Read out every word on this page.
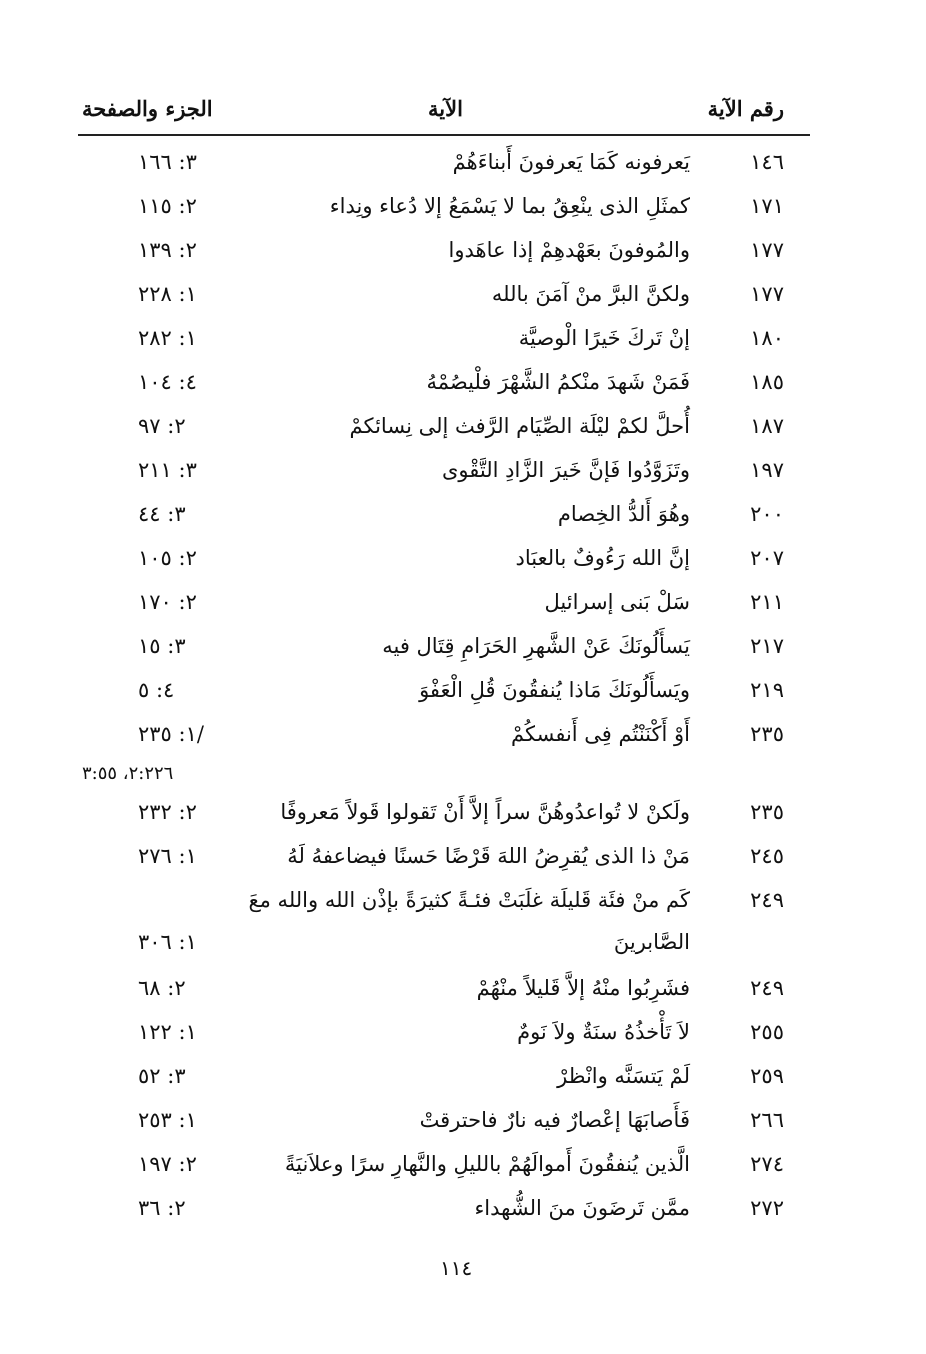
رقم الآية
الآية
الجزء والصفحة
١٤٦
يَعرفونه كَمَا يَعرفونَ أَبناءَهُمْ
٣: ١٦٦
١٧١
كمثَلِ الذى ينْعِقُ بما لا يَسْمَعُ إلا دُعاء ونِداء
٢: ١١٥
١٧٧
والمُوفونَ بعَهْدهِمْ إذا عاهَدوا
٢: ١٣٩
١٧٧
ولكنَّ البرَّ منْ آمَنَ بالله
١: ٢٢٨
١٨٠
إنْ تَركَ خَيرًا الْوصيَّة
١: ٢٨٢
١٨٥
فَمَنْ شَهدَ منْكمُ الشَّهْرَ فلْيصُمْهُ
٤: ١٠٤
١٨٧
أُحلَّ لكمْ ليْلَة الصِّيَام الرَّفث إلى نِسائكمْ
٢: ٩٧
١٩٧
وتَزَوَّدُوا فَإنَّ خَيرَ الزَّادِ التَّقْوى
٣: ٢١١
٢٠٠
وهُوَ أَلدُّ الخِصام
٣: ٤٤
٢٠٧
إنَّ الله رَءُوفٌ بالعبَاد
٢: ١٠٥
٢١١
سَلْ بَنى إسرائيل
٢: ١٧٠
٢١٧
يَسأَلُونَكَ عَنْ الشَّهرِ الحَرَامِ قِتَال فيه
٣: ١٥
٢١٩
ويَسأَلُونَكَ مَاذا يُنفقُونَ قُلِ الْعَفْوَ
٤: ٥
٢٣٥
أَوْ أَكْنَنْتُم فِى أَنفسكُمْ
١: ٢٣٥/
٢٣٥
ولَكنْ لا تُواعدُوهُنَّ سراً إلاَّ أَنْ تَقولوا قَولاً مَعروفًا
٢: ٢٣٢
٢٤٥
مَنْ ذا الذى يُقرِضُ اللهَ قَرْضًا حَسنًا فيضاعفهُ لَهُ
١: ٢٧٦
٢٤٩
كَم منْ فئَة قَليلَة غلَبَتْ فئـةً كثيرَةً بإذْن الله والله معَ
الصَّابرينَ
١: ٣٠٦
٢٤٩
فشَرِبُوا منْهُ إلاَّ قَليلاً منْهُمْ
٢: ٦٨
٢٥٥
لاَ تَأْخذُهُ سنَةٌ ولاَ نَومٌ
١: ١٢٢
٢٥٩
لَمْ يَتسَنَّه وانْظرْ
٣: ٥٢
٢٦٦
فَأَصابَهَا إعْصارٌ فيه نارٌ فاحترقتْ
١: ٢٥٣
٢٧٤
الَّذين يُنفقُونَ أَموالَهُمْ بالليلِ والنَّهارِ سرًا وعلاَنيَةً
٢: ١٩٧
٢٧٢
ممَّن تَرضَونَ منَ الشُّهداء
٢: ٣٦
٢:٢٢٦، ٣:٥٥
١١٤
